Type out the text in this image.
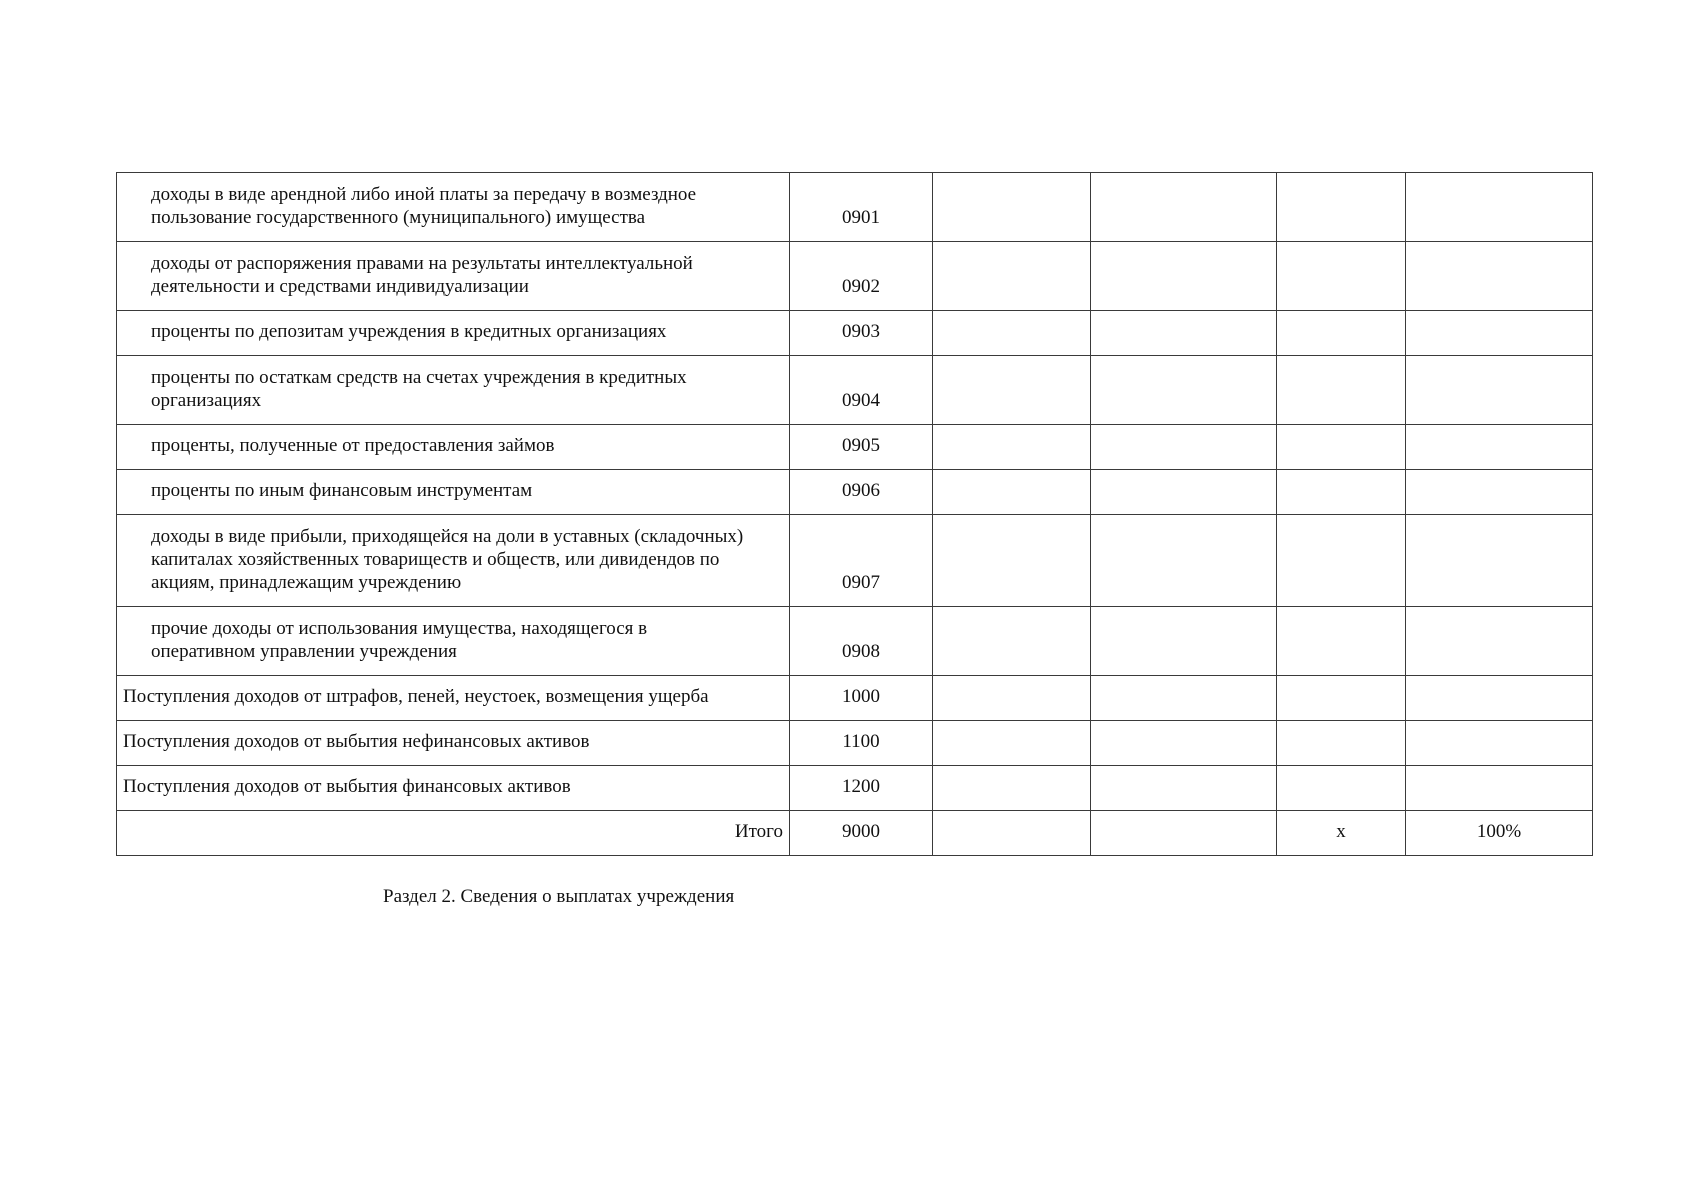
доходы в виде арендной либо иной платы за передачу в возмездное пользование государственного (муниципального) имущества	0901				

доходы от распоряжения правами на результаты интеллектуальной деятельности и средствами индивидуализации	0902				

проценты по депозитам учреждения в кредитных организациях	0903				

проценты по остаткам средств на счетах учреждения в кредитных организациях	0904				

проценты, полученные от предоставления займов	0905				

проценты по иным финансовым инструментам	0906				

доходы в виде прибыли, приходящейся на доли в уставных (складочных) капиталах хозяйственных товариществ и обществ, или дивидендов по акциям, принадлежащим учреждению	0907				

прочие доходы от использования имущества, находящегося в оперативном управлении учреждения	0908				

Поступления доходов от штрафов, пеней, неустоек, возмещения ущерба	1000				

Поступления доходов от выбытия нефинансовых активов	1100				

Поступления доходов от выбытия финансовых активов	1200				

Итого	9000			x	100%

Раздел 2. Сведения о выплатах учреждения
